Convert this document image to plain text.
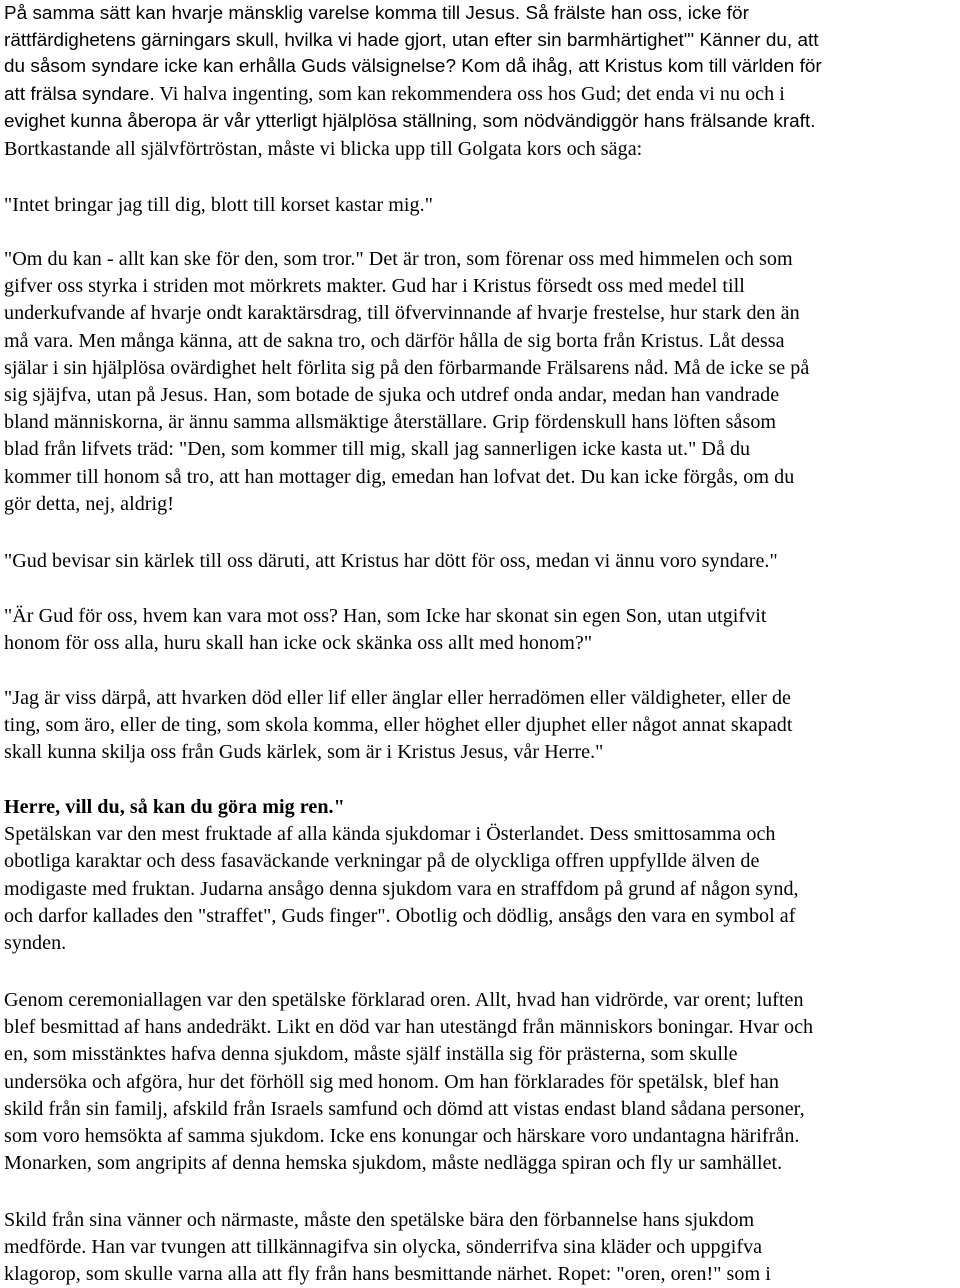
På samma sätt kan hvarje mänsklig varelse komma till Jesus. Så frälste han oss, icke för
rättfärdighetens gärningars skull, hvilka vi hade gjort, utan efter sin barmhärtighet"' Känner du, att
du såsom syndare icke kan erhålla Guds välsignelse? Kom då ihåg, att Kristus kom till världen för
att frälsa syndare. Vi halva ingenting, som kan rekommendera oss hos Gud; det enda vi nu och i
evighet kunna åberopa är vår ytterligt hjälplösa ställning, som nödvändiggör hans frälsande kraft.
Bortkastande all självförtröstan, måste vi blicka upp till Golgata kors och säga:
"Intet bringar jag till dig, blott till korset kastar mig."
"Om du kan - allt kan ske för den, som tror." Det är tron, som förenar oss med himmelen och som
gifver oss styrka i striden mot mörkrets makter. Gud har i Kristus försedt oss med medel till
underkufvande af hvarje ondt karaktärsdrag, till öfvervinnande af hvarje frestelse, hur stark den än
må vara. Men många känna, att de sakna tro, och därför hålla de sig borta från Kristus. Låt dessa
själar i sin hjälplösa ovärdighet helt förlita sig på den förbarmande Frälsarens nåd. Må de icke se på
sig sjäjfva, utan på Jesus. Han, som botade de sjuka och utdref onda andar, medan han vandrade
bland människorna, är ännu samma allsmäktige återställare. Grip fördenskull hans löften såsom
blad från lifvets träd: "Den, som kommer till mig, skall jag sannerligen icke kasta ut." Då du
kommer till honom så tro, att han mottager dig, emedan han lofvat det. Du kan icke förgås, om du
gör detta, nej, aldrig!
"Gud bevisar sin kärlek till oss däruti, att Kristus har dött för oss, medan vi ännu voro syndare."
"Är Gud för oss, hvem kan vara mot oss? Han, som Icke har skonat sin egen Son, utan utgifvit
honom för oss alla, huru skall han icke ock skänka oss allt med honom?"
"Jag är viss därpå, att hvarken död eller lif eller änglar eller herradömen eller väldigheter, eller de
ting, som äro, eller de ting, som skola komma, eller höghet eller djuphet eller något annat skapadt
skall kunna skilja oss från Guds kärlek, som är i Kristus Jesus, vår Herre."
Herre, vill du, så kan du göra mig ren."
Spetälskan var den mest fruktade af alla kända sjukdomar i Österlandet. Dess smittosamma och
obotliga karaktar och dess fasaväckande verkningar på de olyckliga offren uppfyllde älven de
modigaste med fruktan. Judarna ansågo denna sjukdom vara en straffdom på grund af någon synd,
och darfor kallades den "straffet", Guds finger". Obotlig och dödlig, ansågs den vara en symbol af
synden.
Genom ceremoniallagen var den spetälske förklarad oren. Allt, hvad han vidrörde, var orent; luften
blef besmittad af hans andedräkt. Likt en död var han utestängd från människors boningar. Hvar och
en, som misstänktes hafva denna sjukdom, måste själf inställa sig för prästerna, som skulle
undersöka och afgöra, hur det förhöll sig med honom. Om han förklarades för spetälsk, blef han
skild från sin familj, afskild från Israels samfund och dömd att vistas endast bland sådana personer,
som voro hemsökta af samma sjukdom. Icke ens konungar och härskare voro undantagna härifrån.
Monarken, som angripits af denna hemska sjukdom, måste nedlägga spiran och fly ur samhället.
Skild från sina vänner och närmaste, måste den spetälske bära den förbannelse hans sjukdom
medförde. Han var tvungen att tillkännagifva sin olycka, sönderrifva sina kläder och uppgifva
klagorop, som skulle varna alla att fly från hans besmittande närhet. Ropet: "oren, oren!" som i
